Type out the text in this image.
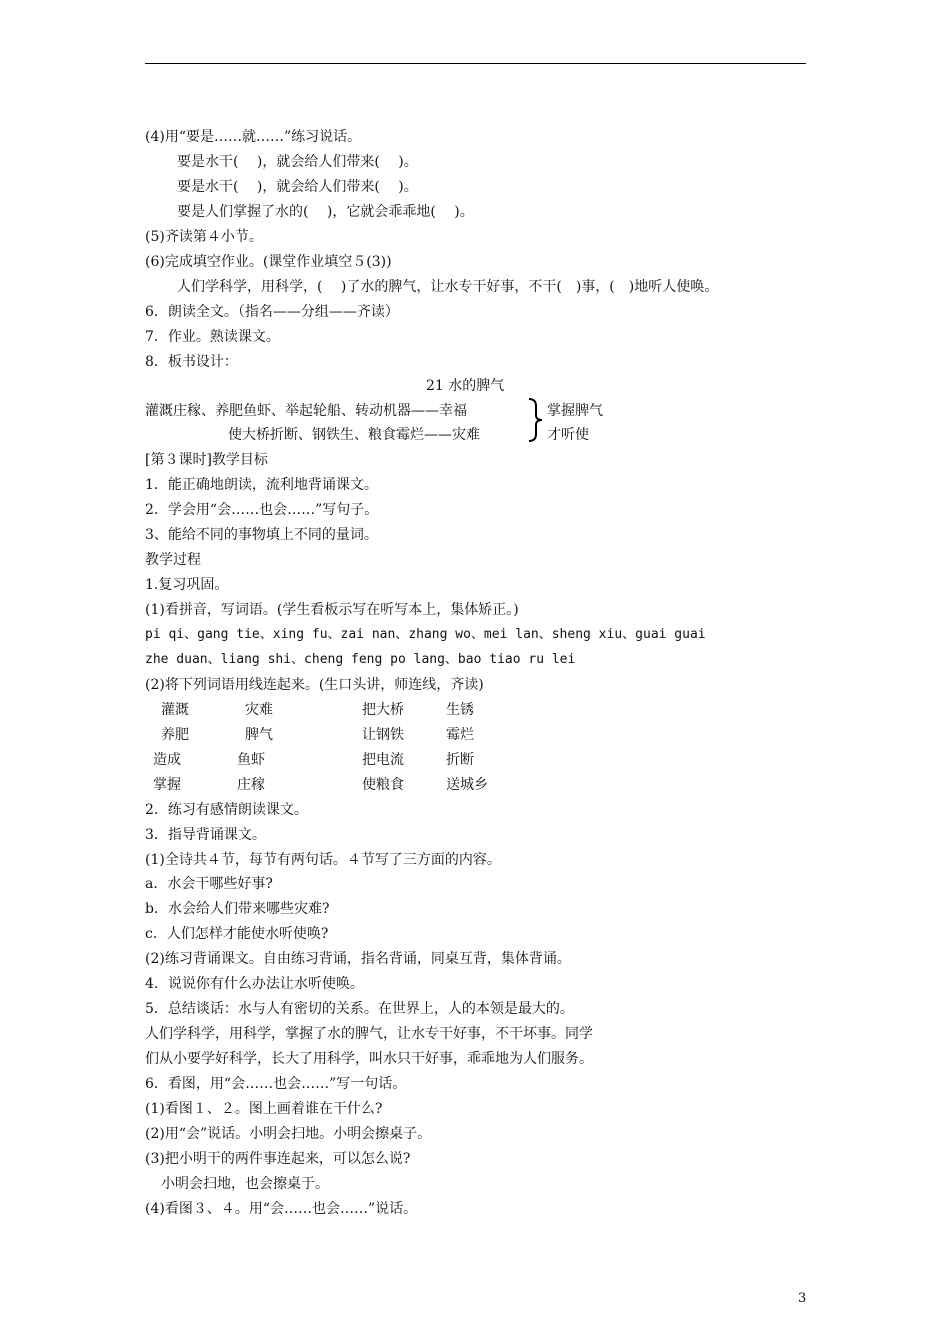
(4)用“要是……就……”练习说话。
要是水干(　 )，就会给人们带来(　 )。
要是水干(　 )，就会给人们带来(　 )。
要是人们掌握了水的(　 )，它就会乖乖地(　 )。
(5)齐读第４小节。
(6)完成填空作业。(课堂作业填空５(3))
人们学科学，用科学，(　 )了水的脾气，让水专干好事，不干(　)事，(　)地听人使唤。
6．朗读全文。（指名——分组——齐读）
7．作业。熟读课文。
8．板书设计：
21 水的脾气
灌溉庄稼、养肥鱼虾、举起轮船、转动机器——幸福
使大桥折断、钢铁生、粮食霉烂——灾难
掌握脾气
才听使
[第３课时]教学目标
1．能正确地朗读，流利地背诵课文。
2．学会用“会……也会……”写句子。
3、能给不同的事物填上不同的量词。
教学过程
1.复习巩固。
(1)看拼音，写词语。(学生看板示写在听写本上，集体矫正。)
pi qi、gang tie、xing fu、zai nan、zhang wo、mei lan、sheng xiu、guai guai
zhe duan、liang shi、cheng feng po lang、bao tiao ru lei
(2)将下列词语用线连起来。(生口头讲，师连线，齐读)
灌溉	灾难	把大桥	生锈
养肥	脾气	让钢铁	霉烂
造成	鱼虾	把电流	折断
掌握	庄稼	使粮食	送城乡
2．练习有感情朗读课文。
3．指导背诵课文。
(1)全诗共４节，每节有两句话。４节写了三方面的内容。
a．水会干哪些好事?
b．水会给人们带来哪些灾难?
c．人们怎样才能使水听使唤?
(2)练习背诵课文。自由练习背诵，指名背诵，同桌互背，集体背诵。
4．说说你有什么办法让水听使唤。
5．总结谈话：水与人有密切的关系。在世界上，人的本领是最大的。
人们学科学，用科学，掌握了水的脾气，让水专干好事，不干坏事。同学
们从小要学好科学，长大了用科学，叫水只干好事，乖乖地为人们服务。
6．看图，用“会……也会……”写一句话。
(1)看图１、２。图上画着谁在干什么?
(2)用“会”说话。小明会扫地。小明会擦桌子。
(3)把小明干的两件事连起来，可以怎么说?
小明会扫地，也会擦桌于。
(4)看图３、４。用“会……也会……”说话。
3
